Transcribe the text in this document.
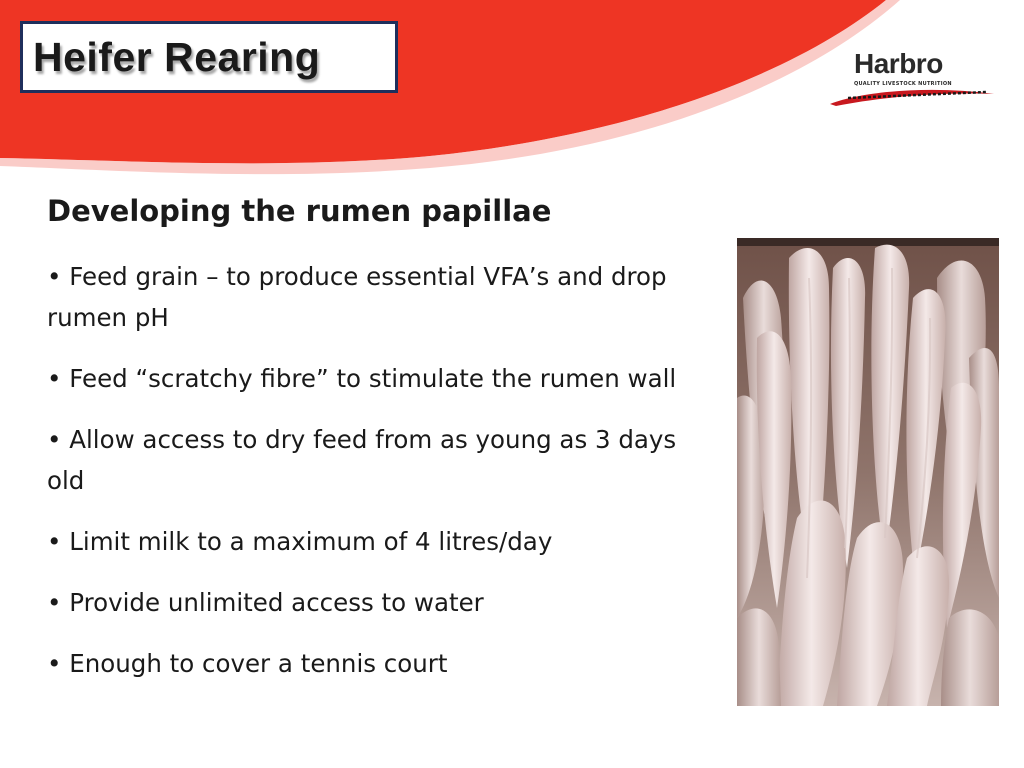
Heifer Rearing	Harbro
QUALITY LIVESTOCK NUTRITION
Developing the rumen papillae
• Feed grain – to produce essential VFA’s and drop rumen pH
• Feed “scratchy fibre” to stimulate the rumen wall
• Allow access to dry feed from as young as 3 days old
• Limit milk to a maximum of 4 litres/day
• Provide unlimited access to water
• Enough to cover a tennis court
